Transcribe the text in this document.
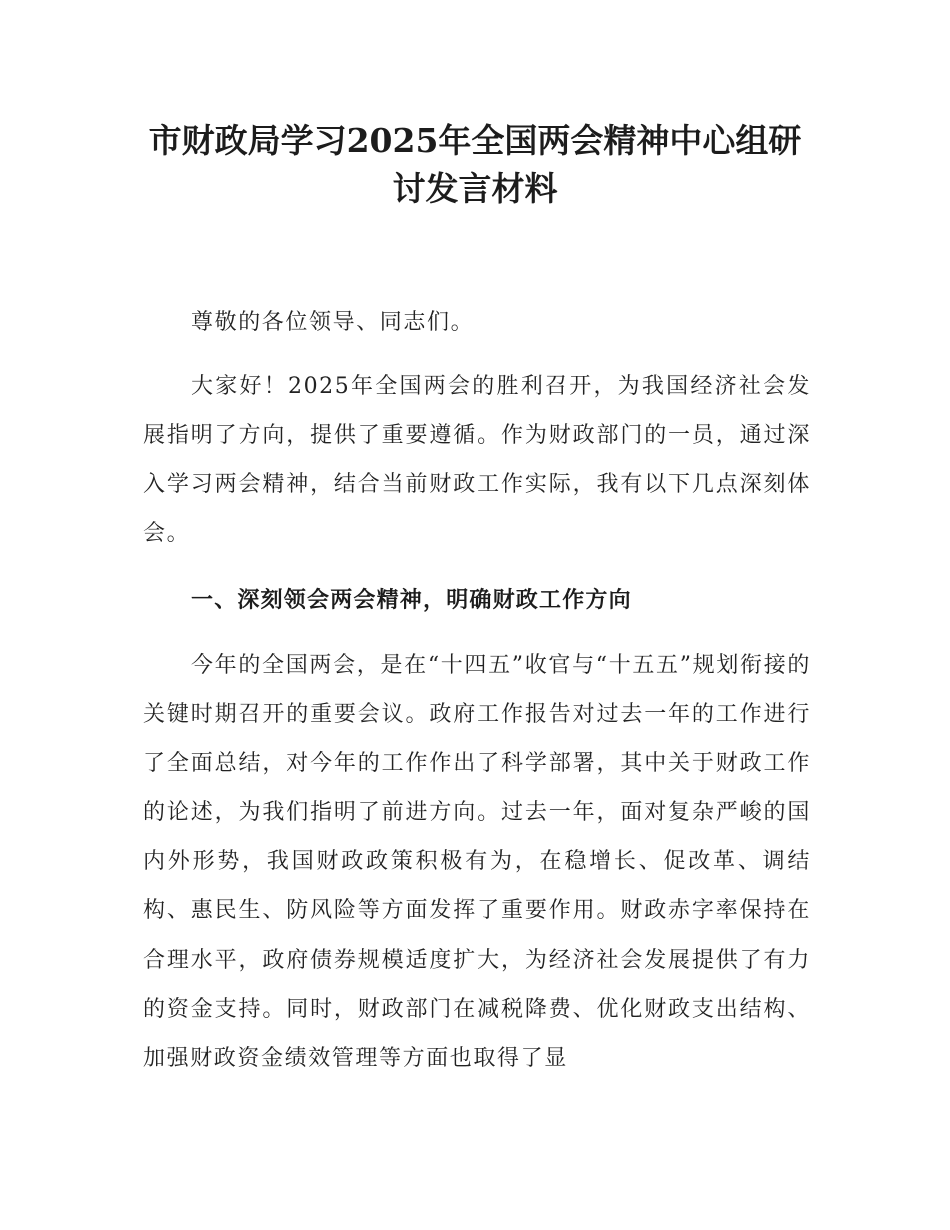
市财政局学习2025年全国两会精神中心组研
讨发言材料

尊敬的各位领导、同志们。

大家好！2025年全国两会的胜利召开，为我国经济社会发展指明了方向，提供了重要遵循。作为财政部门的一员，通过深入学习两会精神，结合当前财政工作实际，我有以下几点深刻体会。

一、深刻领会两会精神，明确财政工作方向

今年的全国两会，是在“十四五”收官与“十五五”规划衔接的关键时期召开的重要会议。政府工作报告对过去一年的工作进行了全面总结，对今年的工作作出了科学部署，其中关于财政工作的论述，为我们指明了前进方向。过去一年，面对复杂严峻的国内外形势，我国财政政策积极有为，在稳增长、促改革、调结构、惠民生、防风险等方面发挥了重要作用。财政赤字率保持在合理水平，政府债券规模适度扩大，为经济社会发展提供了有力的资金支持。同时，财政部门在减税降费、优化财政支出结构、加强财政资金绩效管理等方面也取得了显
